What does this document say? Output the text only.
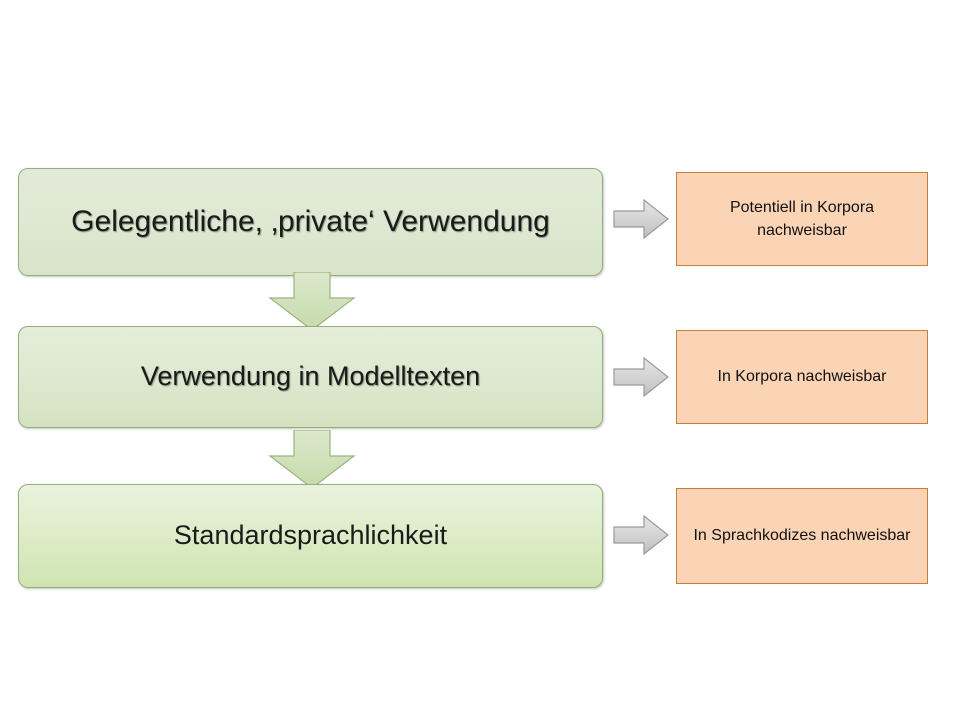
Gelegentliche, ‚private‘ Verwendung	Potentiell in Korpora nachweisbar
Verwendung in Modelltexten	In Korpora nachweisbar
Standardsprachlichkeit	In Sprachkodizes nachweisbar
